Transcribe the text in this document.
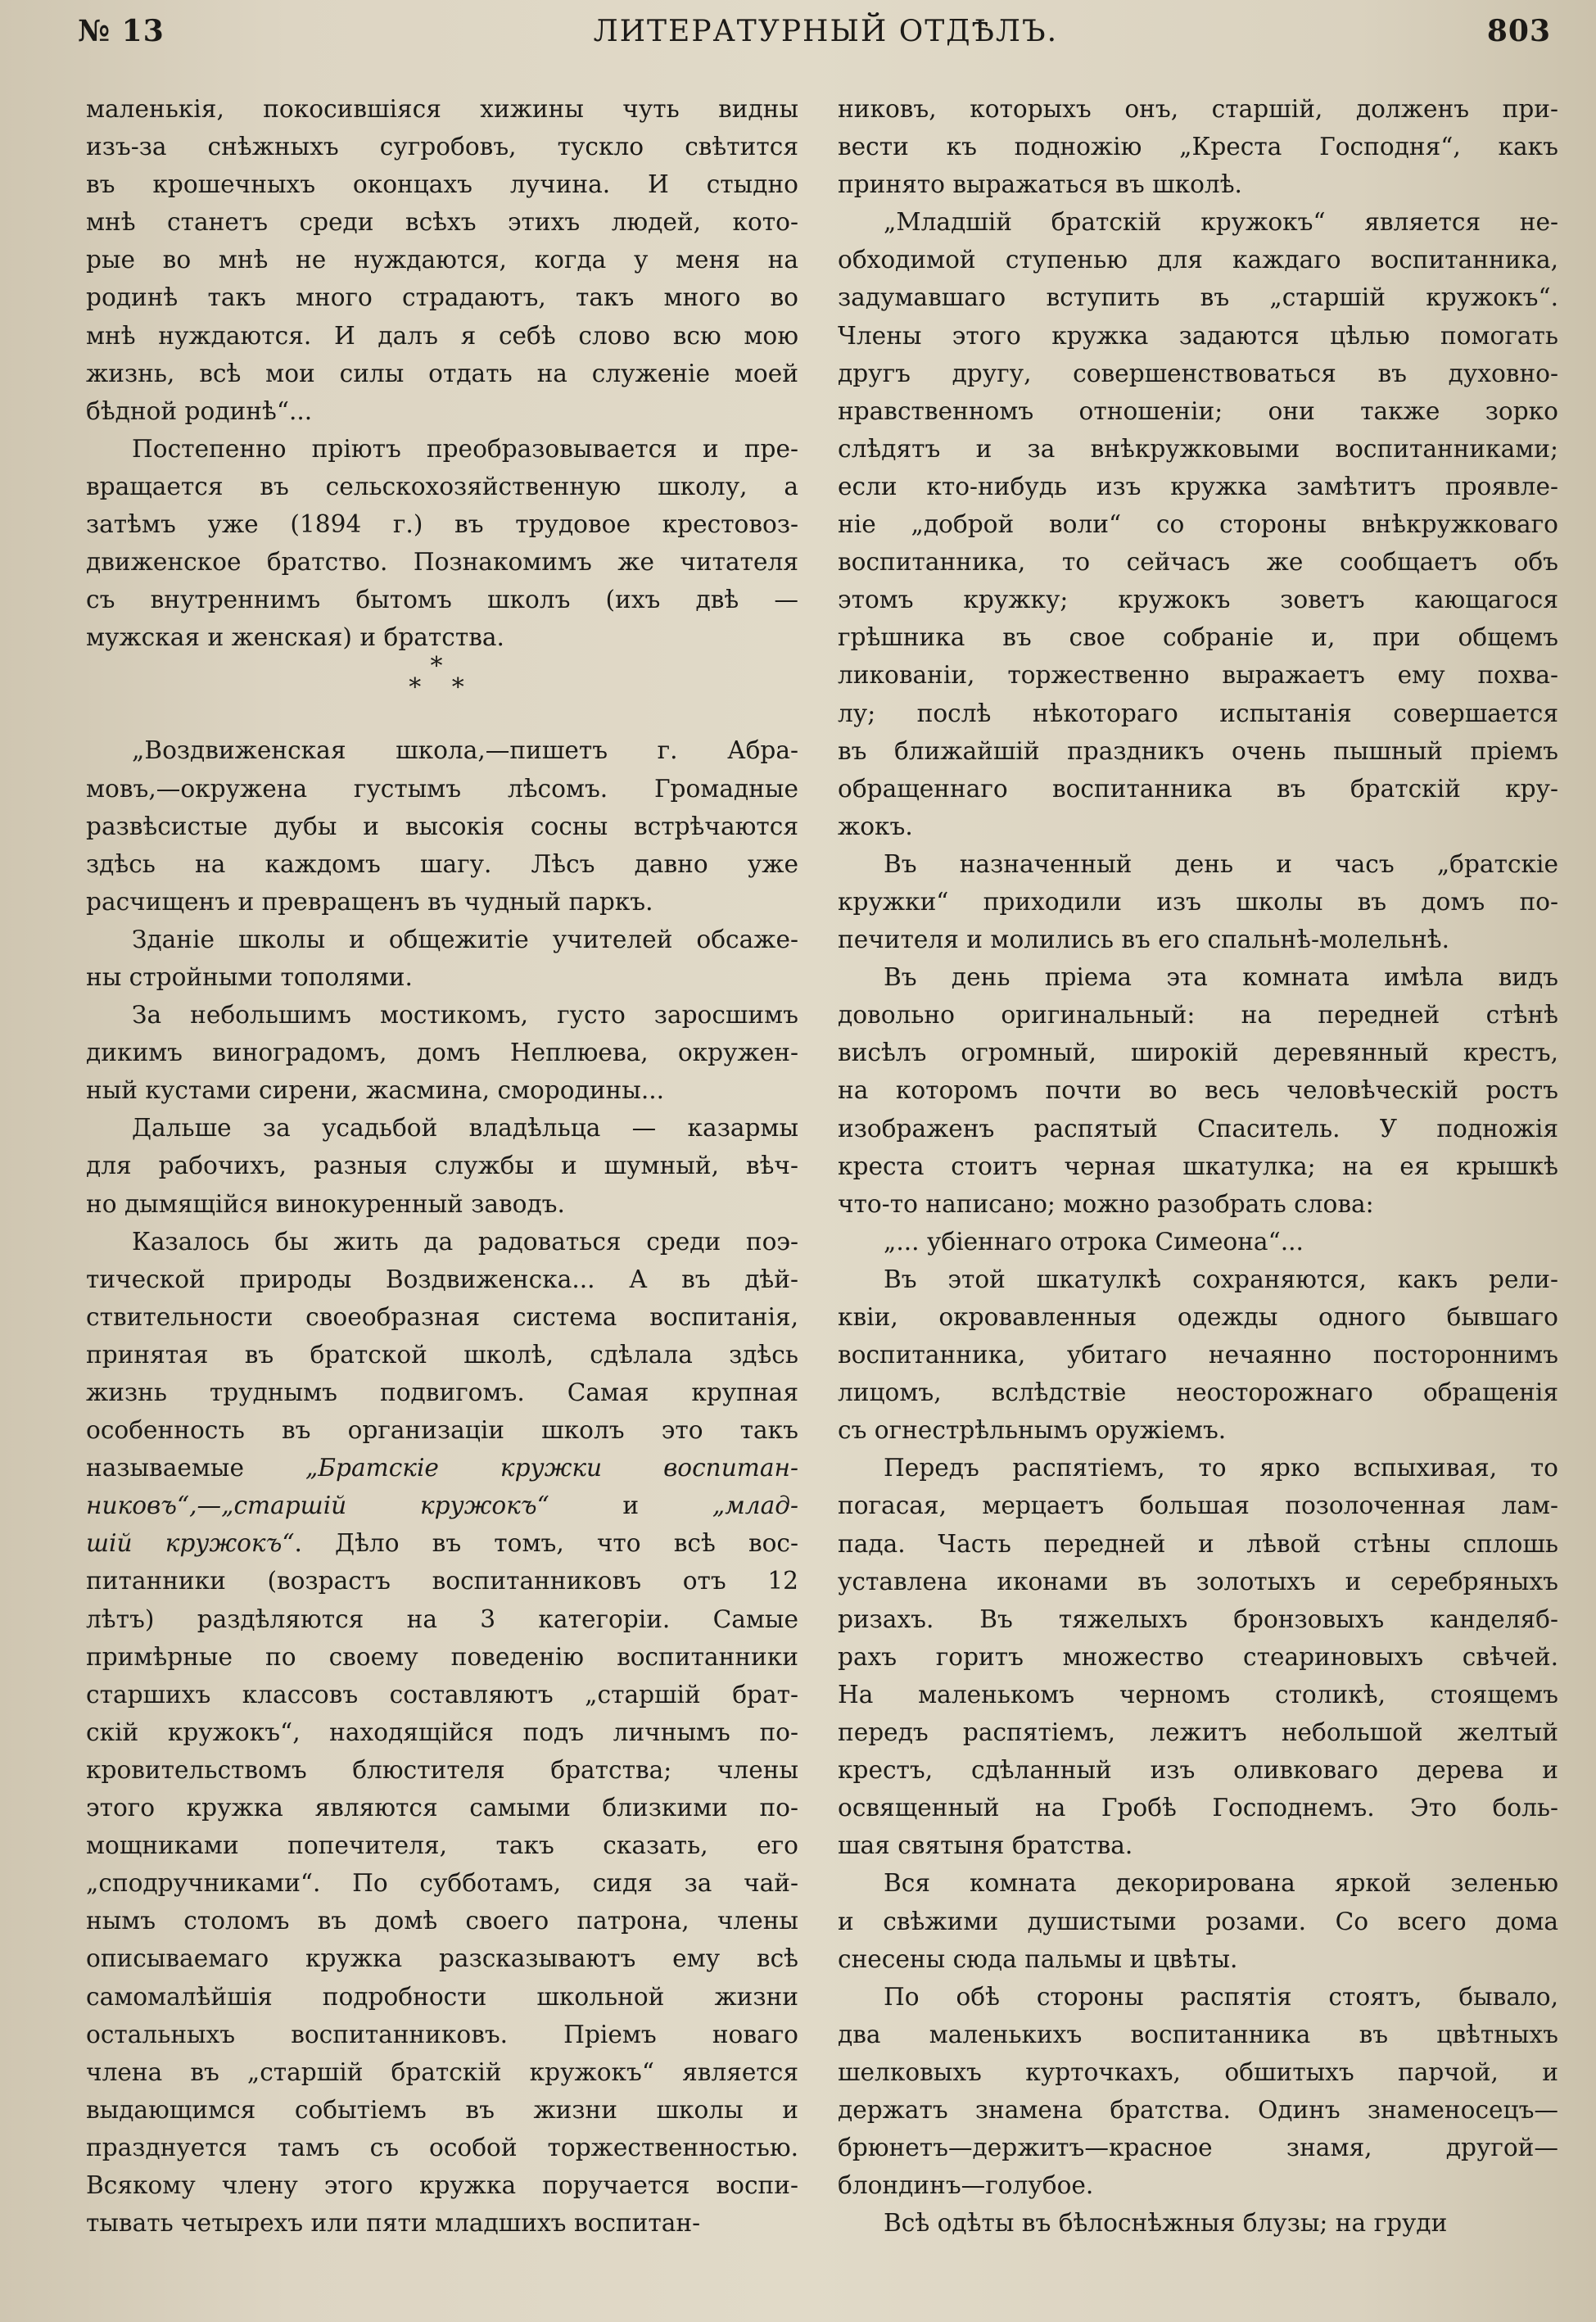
№ 13	ЛИТЕРАТУРНЫЙ ОТДѢЛЪ.	803
маленькія, покосившіяся хижины чуть видны
изъ-за снѣжныхъ сугробовъ, тускло свѣтится
въ крошечныхъ оконцахъ лучина. И стыдно
мнѣ станетъ среди всѣхъ этихъ людей, кото-
рые во мнѣ не нуждаются, когда у меня на
родинѣ такъ много страдаютъ, такъ много во
мнѣ нуждаются. И далъ я себѣ слово всю мою
жизнь, всѣ мои силы отдать на служеніе моей
бѣдной родинѣ“...
Постепенно пріютъ преобразовывается и пре-
вращается въ сельскохозяйственную школу, а
затѣмъ уже (1894 г.) въ трудовое крестовоз-
движенское братство. Познакомимъ же читателя
съ внутреннимъ бытомъ школъ (ихъ двѣ —
мужская и женская) и братства.
*
* *
„Воздвиженская школа,—пишетъ г. Абра-
мовъ,—окружена густымъ лѣсомъ. Громадные
развѣсистые дубы и высокія сосны встрѣчаются
здѣсь на каждомъ шагу. Лѣсъ давно уже
расчищенъ и превращенъ въ чудный паркъ.
Зданіе школы и общежитіе учителей обсаже-
ны стройными тополями.
За небольшимъ мостикомъ, густо заросшимъ
дикимъ виноградомъ, домъ Неплюева, окружен-
ный кустами сирени, жасмина, смородины...
Дальше за усадьбой владѣльца — казармы
для рабочихъ, разныя службы и шумный, вѣч-
но дымящійся винокуренный заводъ.
Казалось бы жить да радоваться среди поэ-
тической природы Воздвиженска... А въ дѣй-
ствительности своеобразная система воспитанія,
принятая въ братской школѣ, сдѣлала здѣсь
жизнь труднымъ подвигомъ. Самая крупная
особенность въ организаціи школъ это такъ
называемые „Братскіе кружки воспитан-
никовъ“,—„старшій кружокъ“ и „млад-
шій кружокъ“. Дѣло въ томъ, что всѣ вос-
питанники (возрастъ воспитанниковъ отъ 12
лѣтъ) раздѣляются на 3 категоріи. Самые
примѣрные по своему поведенію воспитанники
старшихъ классовъ составляютъ „старшій брат-
скій кружокъ“, находящійся подъ личнымъ по-
кровительствомъ блюстителя братства; члены
этого кружка являются самыми близкими по-
мощниками попечителя, такъ сказать, его
„сподручниками“. По субботамъ, сидя за чай-
нымъ столомъ въ домѣ своего патрона, члены
описываемаго кружка разсказываютъ ему всѣ
самомалѣйшія подробности школьной жизни
остальныхъ воспитанниковъ. Пріемъ новаго
члена въ „старшій братскій кружокъ“ является
выдающимся событіемъ въ жизни школы и
празднуется тамъ съ особой торжественностью.
Всякому члену этого кружка поручается воспи-
тывать четырехъ или пяти младшихъ воспитан-
никовъ, которыхъ онъ, старшій, долженъ при-
вести къ подножію „Креста Господня“, какъ
принято выражаться въ школѣ.
„Младшій братскій кружокъ“ является не-
обходимой ступенью для каждаго воспитанника,
задумавшаго вступить въ „старшій кружокъ“.
Члены этого кружка задаются цѣлью помогать
другъ другу, совершенствоваться въ духовно-
нравственномъ отношеніи; они также зорко
слѣдятъ и за внѣкружковыми воспитанниками;
если кто-нибудь изъ кружка замѣтитъ проявле-
ніе „доброй воли“ со стороны внѣкружковаго
воспитанника, то сейчасъ же сообщаетъ объ
этомъ кружку; кружокъ зоветъ кающагося
грѣшника въ свое собраніе и, при общемъ
ликованіи, торжественно выражаетъ ему похва-
лу; послѣ нѣкотораго испытанія совершается
въ ближайшій праздникъ очень пышный пріемъ
обращеннаго воспитанника въ братскій кру-
жокъ.
Въ назначенный день и часъ „братскіе
кружки“ приходили изъ школы въ домъ по-
печителя и молились въ его спальнѣ-молельнѣ.
Въ день пріема эта комната имѣла видъ
довольно оригинальный: на передней стѣнѣ
висѣлъ огромный, широкій деревянный крестъ,
на которомъ почти во весь человѣческій ростъ
изображенъ распятый Спаситель. У подножія
креста стоитъ черная шкатулка; на ея крышкѣ
что-то написано; можно разобрать слова:
„... убіеннаго отрока Симеона“...
Въ этой шкатулкѣ сохраняются, какъ рели-
квіи, окровавленныя одежды одного бывшаго
воспитанника, убитаго нечаянно постороннимъ
лицомъ, вслѣдствіе неосторожнаго обращенія
съ огнестрѣльнымъ оружіемъ.
Передъ распятіемъ, то ярко вспыхивая, то
погасая, мерцаетъ большая позолоченная лам-
пада. Часть передней и лѣвой стѣны сплошь
уставлена иконами въ золотыхъ и серебряныхъ
ризахъ. Въ тяжелыхъ бронзовыхъ канделяб-
рахъ горитъ множество стеариновыхъ свѣчей.
На маленькомъ черномъ столикѣ, стоящемъ
передъ распятіемъ, лежитъ небольшой желтый
крестъ, сдѣланный изъ оливковаго дерева и
освященный на Гробѣ Господнемъ. Это боль-
шая святыня братства.
Вся комната декорирована яркой зеленью
и свѣжими душистыми розами. Со всего дома
снесены сюда пальмы и цвѣты.
По обѣ стороны распятія стоятъ, бывало,
два маленькихъ воспитанника въ цвѣтныхъ
шелковыхъ курточкахъ, обшитыхъ парчой, и
держатъ знамена братства. Одинъ знаменосецъ—
брюнетъ—держитъ—красное знамя, другой—
блондинъ—голубое.
Всѣ одѣты въ бѣлоснѣжныя блузы; на груди
